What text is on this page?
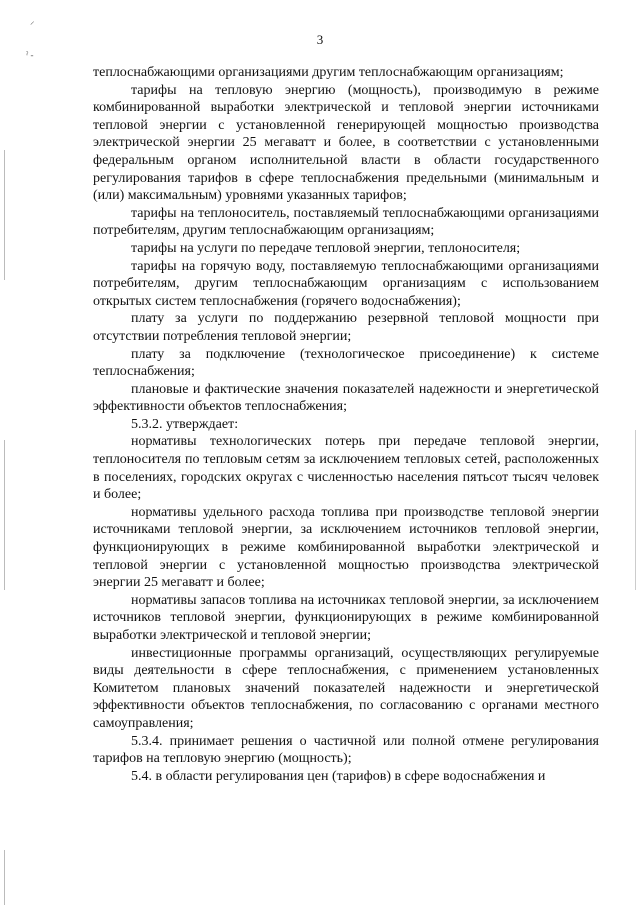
⸝
ˀ -
3

теплоснабжающими организациями другим теплоснабжающим организациям;

тарифы на тепловую энергию (мощность), производимую в режиме комбинированной выработки электрической и тепловой энергии источниками тепловой энергии с установленной генерирующей мощностью производства электрической энергии 25 мегаватт и более, в соответствии с установленными федеральным органом исполнительной власти в области государственного регулирования тарифов в сфере теплоснабжения предельными (минимальным и (или) максимальным) уровнями указанных тарифов;

тарифы на теплоноситель, поставляемый теплоснабжающими организациями потребителям, другим теплоснабжающим организациям;

тарифы на услуги по передаче тепловой энергии, теплоносителя;

тарифы на горячую воду, поставляемую теплоснабжающими организациями потребителям, другим теплоснабжающим организациям с использованием открытых систем теплоснабжения (горячего водоснабжения);

плату за услуги по поддержанию резервной тепловой мощности при отсутствии потребления тепловой энергии;

плату за подключение (технологическое присоединение) к системе теплоснабжения;

плановые и фактические значения показателей надежности и энергетической эффективности объектов теплоснабжения;

5.3.2. утверждает:

нормативы технологических потерь при передаче тепловой энергии, теплоносителя по тепловым сетям за исключением тепловых сетей, расположенных в поселениях, городских округах с численностью населения пятьсот тысяч человек и более;

нормативы удельного расхода топлива при производстве тепловой энергии источниками тепловой энергии, за исключением источников тепловой энергии, функционирующих в режиме комбинированной выработки электрической и тепловой энергии с установленной мощностью производства электрической энергии 25 мегаватт и более;

нормативы запасов топлива на источниках тепловой энергии, за исключением источников тепловой энергии, функционирующих в режиме комбинированной выработки электрической и тепловой энергии;

инвестиционные программы организаций, осуществляющих регулируемые виды деятельности в сфере теплоснабжения, с применением установленных Комитетом плановых значений показателей надежности и энергетической эффективности объектов теплоснабжения, по согласованию с органами местного самоуправления;

5.3.4. принимает решения о частичной или полной отмене регулирования тарифов на тепловую энергию (мощность);

5.4. в области регулирования цен (тарифов) в сфере водоснабжения и
